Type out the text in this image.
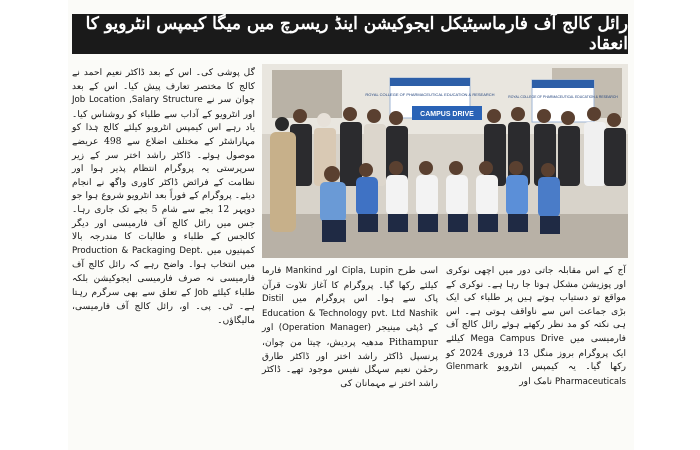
رائل کالج آف فارماسیٹیکل ایجوکیشن اینڈ ریسرچ میں میگا کیمپس انٹرویو کا انعقاد
ROYAL COLLEGE OF PHARMACEUTICAL EDUCATION & RESEARCH
CAMPUS DRIVE
ROYAL COLLEGE OF PHARMACEUTICAL EDUCATION & RESEARCH

آج کے اس مقابلہ جاتی دور میں اچھی نوکری اور پوزیشن مشکل ہوتا جا رہا ہے۔ نوکری کے مواقع تو دستیاب ہوتے ہیں پر طلباء کی ایک بڑی جماعت اس سے ناواقف ہوتی ہے۔ اس ہی نکتہ کو مد نظر رکھتے ہوئے رائل کالج آف فارمیسی میں Mega Campus Drive کیلئے ایک پروگرام بروز منگل 13 فروری 2024 کو رکھا گیا۔ یہ کیمپس انٹرویو Glenmark Pharmaceuticals نامک اور

اسی طرح Cipla, Lupin اور Mankind فارما کیلئے رکھا گیا۔ پروگرام کا آغاز تلاوت قرآن پاک سے ہوا۔ اس پروگرام میں Distil Education & Technology pvt. Ltd Nashik کے ڈپٹی مینیجر (Operation Manager) اور Pithampur مدھیہ پردیش، چیتا من چوان، پرنسپل ڈاکٹر راشد اختر اور ڈاکٹر طارق رحمٰن نعیم سہگل نفیس موجود تھے۔ ڈاکٹر راشد اختر نے مہمانان کی

گل پوشی کی۔ اس کے بعد ڈاکٹر نعیم احمد نے کالج کا مختصر تعارف پیش کیا۔ اس کے بعد چوان سر نے Job Location ,Salary Structure اور انٹرویو کے آداب سے طلباء کو روشناس کیا۔ یاد رہے اس کیمپس انٹرویو کیلئے کالج ہٰذا کو مہاراشٹر کے مختلف اضلاع سے 498 عریضے موصول ہوئے۔ ڈاکٹر راشد اختر سر کے زیر سرپرستی یہ پروگرام انتظام پذیر ہوا اور نظامت کے فرائض ڈاکٹر کاوری واگھ نے انجام دیئے۔ پروگرام کے فوراً بعد انٹرویو شروع ہوا جو دوپہر 12 بجے سے شام 5 بجے تک جاری رہا۔ جس میں رائل کالج آف فارمیسی اور دیگر کالجس کے طلباء و طالبات کا مندرجہ بالا کمپنیوں میں Production & Packaging Dept. میں انتخاب ہوا۔ واضح رہے کہ رائل کالج آف فارمیسی نہ صرف فارمیسی ایجوکیشن بلکہ طلباء کیلئے Job کے تعلق سے بھی سرگرم رہتا ہے۔ ٹی۔ پی۔ او، رائل کالج آف فارمیسی، مالیگاؤں۔
